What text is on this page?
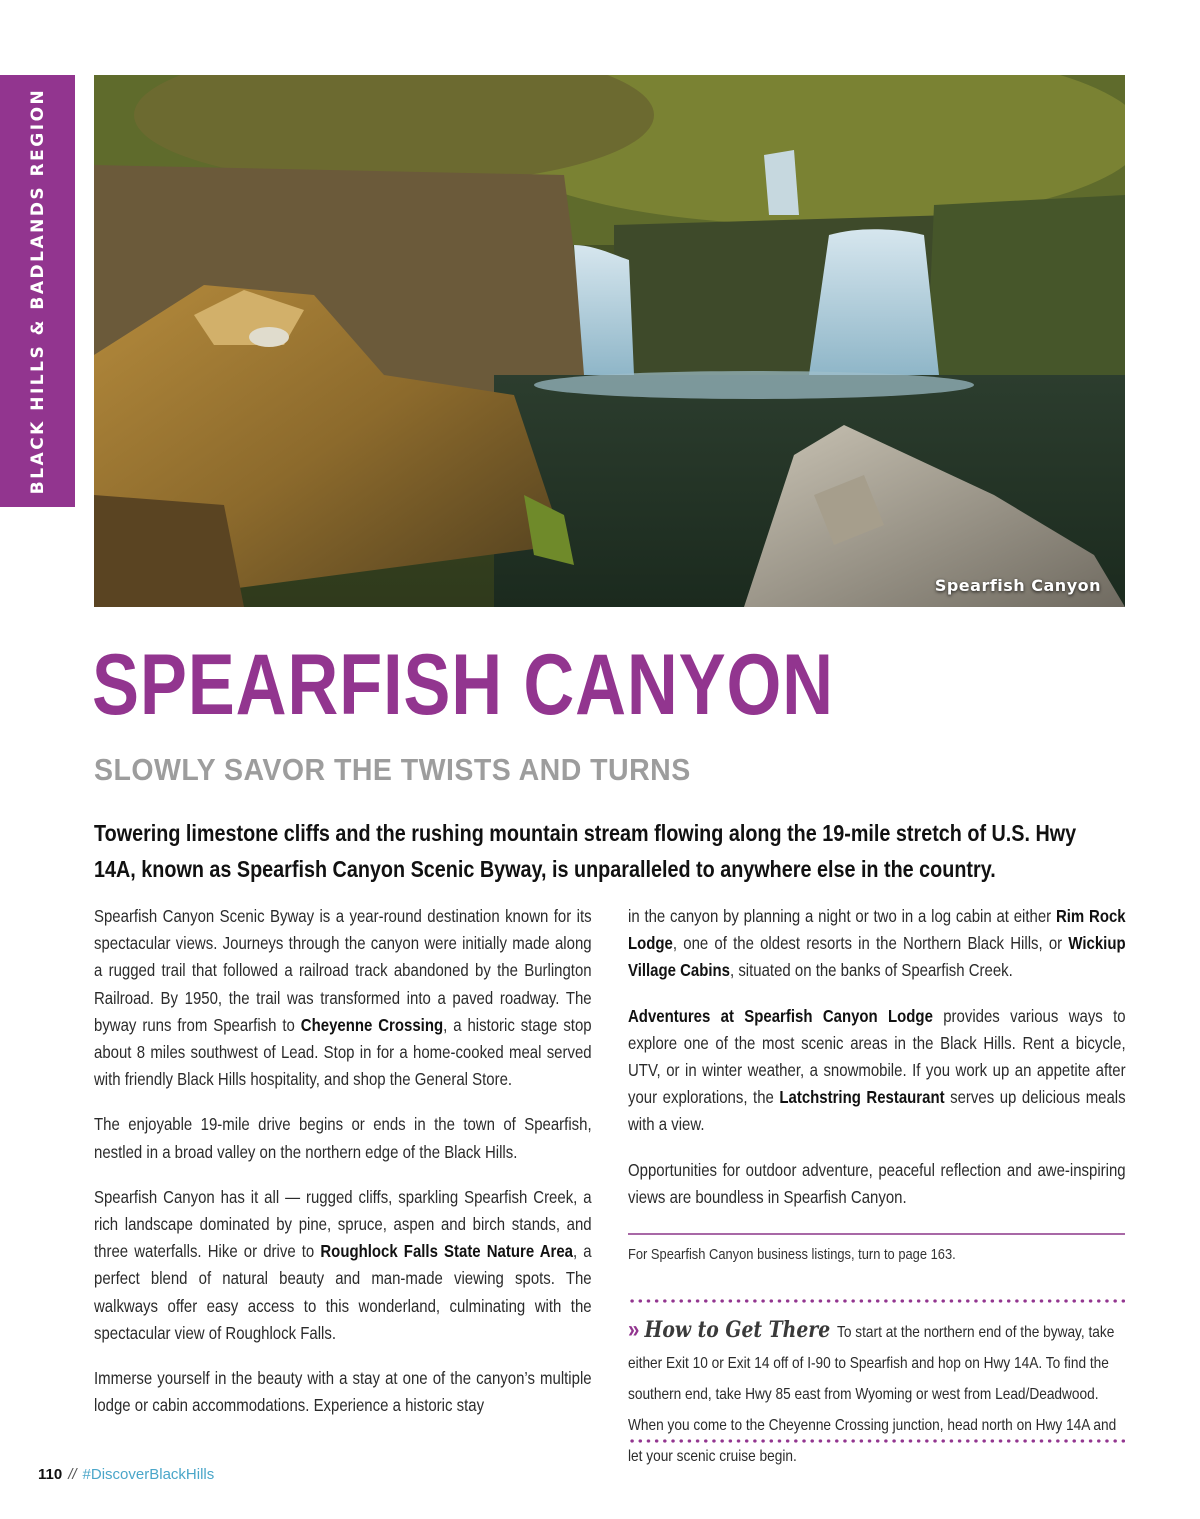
BLACK HILLS & BADLANDS REGION
Spearfish Canyon
SPEARFISH CANYON
SLOWLY SAVOR THE TWISTS AND TURNS

Towering limestone cliffs and the rushing mountain stream flowing along the 19-mile stretch of U.S. Hwy 14A, known as Spearfish Canyon Scenic Byway, is unparalleled to anywhere else in the country.

Spearfish Canyon Scenic Byway is a year-round destination known for its spectacular views. Journeys through the canyon were initially made along a rugged trail that followed a railroad track abandoned by the Burlington Railroad. By 1950, the trail was transformed into a paved roadway. The byway runs from Spearfish to Cheyenne Crossing, a historic stage stop about 8 miles southwest of Lead. Stop in for a home-cooked meal served with friendly Black Hills hospitality, and shop the General Store.

The enjoyable 19-mile drive begins or ends in the town of Spearfish, nestled in a broad valley on the northern edge of the Black Hills.

Spearfish Canyon has it all — rugged cliffs, sparkling Spearfish Creek, a rich landscape dominated by pine, spruce, aspen and birch stands, and three waterfalls. Hike or drive to Roughlock Falls State Nature Area, a perfect blend of natural beauty and man-made viewing spots. The walkways offer easy access to this wonderland, culminating with the spectacular view of Roughlock Falls.

Immerse yourself in the beauty with a stay at one of the canyon’s multiple lodge or cabin accommodations. Experience a historic stay

in the canyon by planning a night or two in a log cabin at either Rim Rock Lodge, one of the oldest resorts in the Northern Black Hills, or Wickiup Village Cabins, situated on the banks of Spearfish Creek.

Adventures at Spearfish Canyon Lodge provides various ways to explore one of the most scenic areas in the Black Hills. Rent a bicycle, UTV, or in winter weather, a snowmobile. If you work up an appetite after your explorations, the Latchstring Restaurant serves up delicious meals with a view.

Opportunities for outdoor adventure, peaceful reflection and awe-inspiring views are boundless in Spearfish Canyon.

For Spearfish Canyon business listings, turn to page 163.

» How to Get There To start at the northern end of the byway, take either Exit 10 or Exit 14 off of I-90 to Spearfish and hop on Hwy 14A. To find the southern end, take Hwy 85 east from Wyoming or west from Lead/Deadwood. When you come to the Cheyenne Crossing junction, head north on Hwy 14A and let your scenic cruise begin.
110 // #DiscoverBlackHills
